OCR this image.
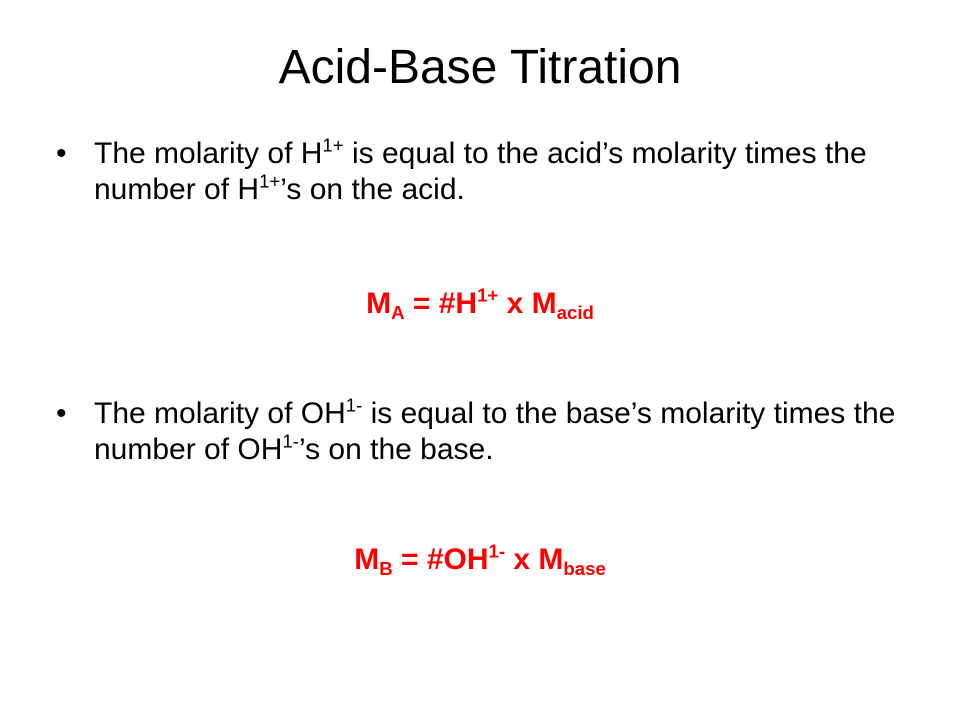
Acid-Base Titration
• The molarity of $H^{1+}$ is equal to the acid’s molarity times the number of $H^{1+}’s$ on the acid.
$M_A$ = $\#H^{1+}$ x $M_{acid}$
• The molarity of $OH^{1-}$ is equal to the base’s molarity times the number of $OH^{1-}’s$ on the base.
$M_B$ = $\#OH^{1-}$ x $M_{base}$
